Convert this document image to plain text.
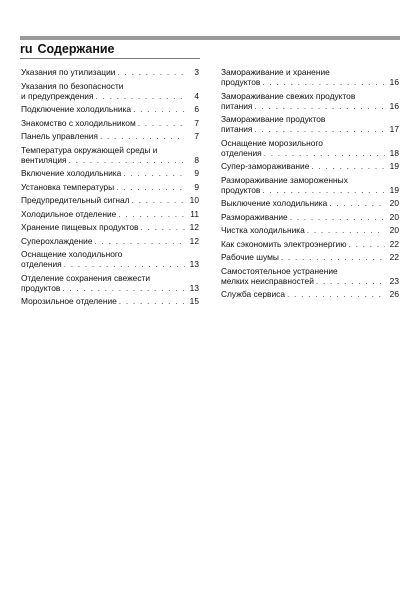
ru Содержание
Указания по утилизации . . .	3
Указания по безопасности
и предупреждения . . .	4
Подключение холодильника . . .	6
Знакомство с холодильником . . .	7
Панель управления . . .	7
Температура окружающей среды и
вентиляция . . .	8
Включение холодильника . . .	9
Установка температуры . . .	9
Предупредительный сигнал . . .	10
Холодильное отделение . . .	11
Хранение пищевых продуктов . . .	12
Суперохлаждение . . .	12
Оснащение холодильного
отделения . . .	13
Отделение сохранения свежести
продуктов . . .	13
Морозильное отделение . . .	15
Замораживание и хранение
продуктов . . .	16
Замораживание свежих продуктов
питания . . .	16
Замораживание продуктов
питания . . .	17
Оснащение морозильного
отделения . . .	18
Супер-замораживание . . .	19
Размораживание замороженных
продуктов . . .	19
Выключение холодильника . . .	20
Размораживание . . .	20
Чистка холодильника . . .	20
Как сэкономить электроэнергию . . .	22
Рабочие шумы . . .	22
Самостоятельное устранение
мелких неисправностей . . .	23
Служба сервиса . . .	26
